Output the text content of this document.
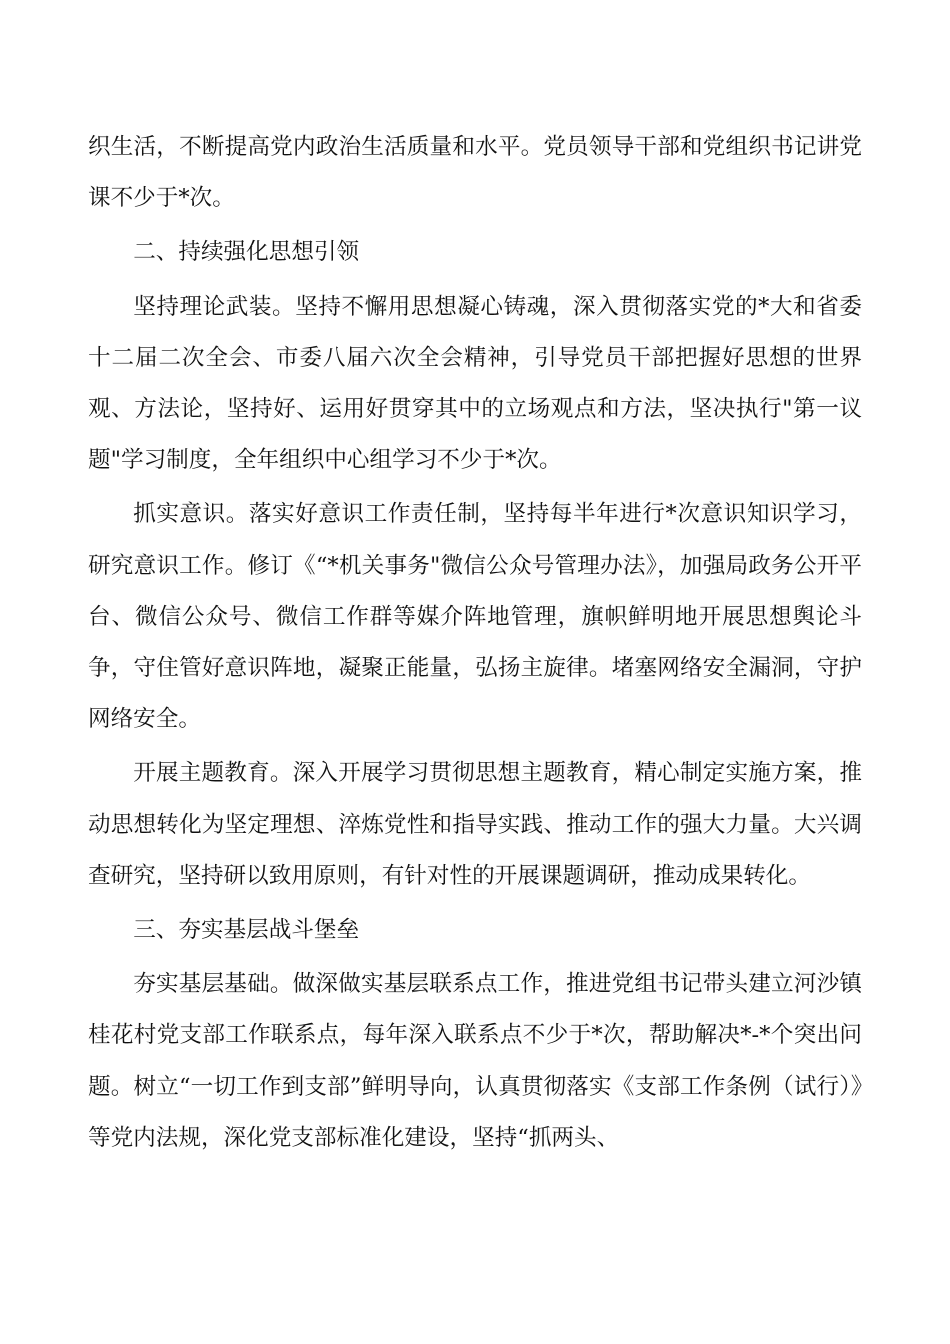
织生活，不断提高党内政治生活质量和水平。党员领导干部和党组织书记讲党课不少于*次。

二、持续强化思想引领

坚持理论武装。坚持不懈用思想凝心铸魂，深入贯彻落实党的*大和省委十二届二次全会、市委八届六次全会精神，引导党员干部把握好思想的世界观、方法论，坚持好、运用好贯穿其中的立场观点和方法，坚决执行"第一议题"学习制度，全年组织中心组学习不少于*次。

抓实意识。落实好意识工作责任制，坚持每半年进行*次意识知识学习，研究意识工作。修订《“*机关事务"微信公众号管理办法》，加强局政务公开平台、微信公众号、微信工作群等媒介阵地管理，旗帜鲜明地开展思想舆论斗争，守住管好意识阵地，凝聚正能量，弘扬主旋律。堵塞网络安全漏洞，守护网络安全。

开展主题教育。深入开展学习贯彻思想主题教育，精心制定实施方案，推动思想转化为坚定理想、淬炼党性和指导实践、推动工作的强大力量。大兴调查研究，坚持研以致用原则，有针对性的开展课题调研，推动成果转化。

三、夯实基层战斗堡垒

夯实基层基础。做深做实基层联系点工作，推进党组书记带头建立河沙镇桂花村党支部工作联系点，每年深入联系点不少于*次，帮助解决*-*个突出问题。树立“一切工作到支部”鲜明导向，认真贯彻落实《支部工作条例（试行）》等党内法规，深化党支部标准化建设，坚持“抓两头、
